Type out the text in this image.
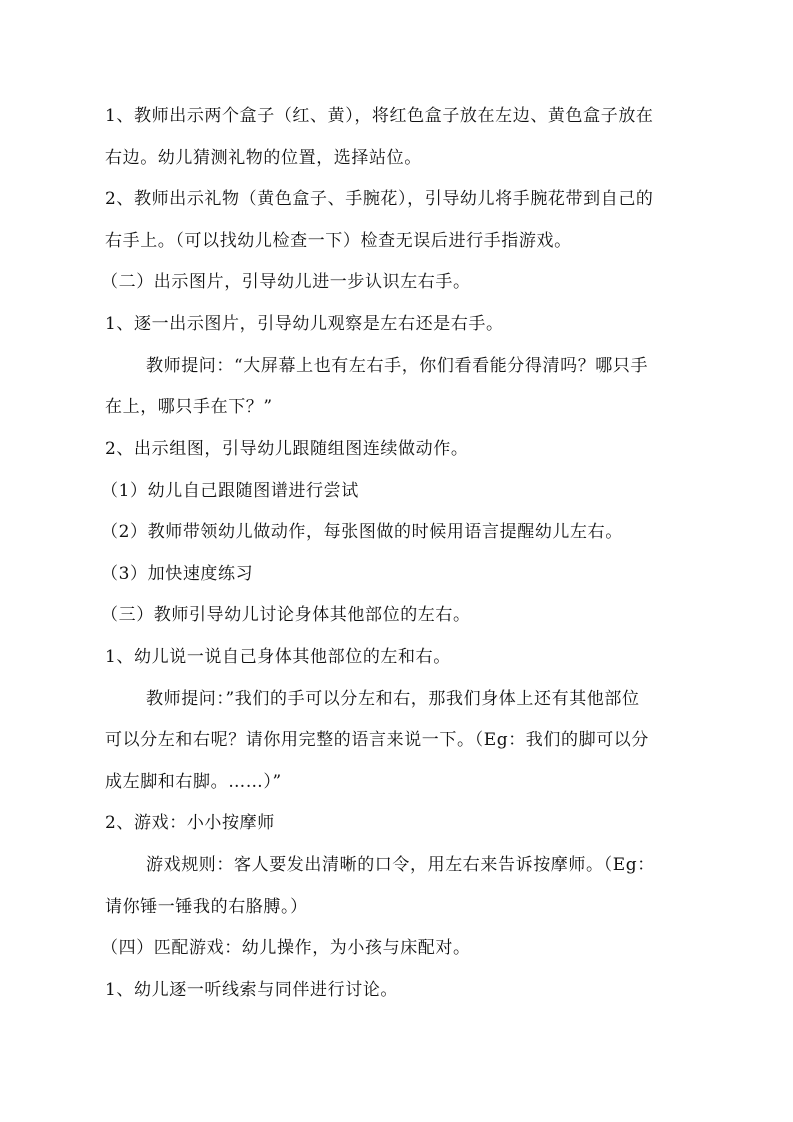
1、教师出示两个盒子（红、黄），将红色盒子放在左边、黄色盒子放在
右边。幼儿猜测礼物的位置，选择站位。
2、教师出示礼物（黄色盒子、手腕花），引导幼儿将手腕花带到自己的
右手上。（可以找幼儿检查一下）检查无误后进行手指游戏。
（二）出示图片，引导幼儿进一步认识左右手。
1、逐一出示图片，引导幼儿观察是左右还是右手。
教师提问：“大屏幕上也有左右手，你们看看能分得清吗？哪只手
在上，哪只手在下？”
2、出示组图，引导幼儿跟随组图连续做动作。
（1）幼儿自己跟随图谱进行尝试
（2）教师带领幼儿做动作，每张图做的时候用语言提醒幼儿左右。
（3）加快速度练习
（三）教师引导幼儿讨论身体其他部位的左右。
1、幼儿说一说自己身体其他部位的左和右。
教师提问：”我们的手可以分左和右，那我们身体上还有其他部位
可以分左和右呢？请你用完整的语言来说一下。（Eg：我们的脚可以分
成左脚和右脚。……）”
2、游戏：小小按摩师
游戏规则：客人要发出清晰的口令，用左右来告诉按摩师。（Eg：
请你锤一锤我的右胳膊。）
（四）匹配游戏：幼儿操作，为小孩与床配对。
1、幼儿逐一听线索与同伴进行讨论。
